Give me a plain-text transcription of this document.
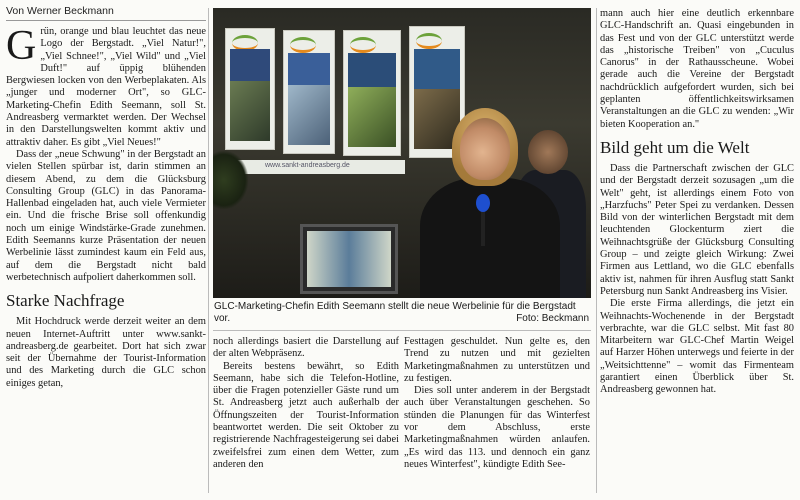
Von Werner Beckmann

Grün, orange und blau leuchtet das neue Logo der Bergstadt. „Viel Natur!", „Viel Schnee!", „Viel Wild" und „Viel Duft!" auf üppig blühenden Bergwiesen locken von den Werbeplakaten. Als „junger und moderner Ort", so GLC-Marketing-Chefin Edith Seemann, soll St. Andreasberg vermarktet werden. Der Wechsel in den Darstellungswelten kommt aktiv und attraktiv daher. Es gibt „Viel Neues!"

Dass der „neue Schwung" in der Bergstadt an vielen Stellen spürbar ist, darin stimmen an diesem Abend, zu dem die Glücksburg Consulting Group (GLC) in das Panorama-Hallenbad eingeladen hat, auch viele Vermieter ein. Und die frische Brise soll offenkundig noch um einige Windstärke-Grade zunehmen. Edith Seemanns kurze Präsentation der neuen Werbelinie lässt zumindest kaum ein Feld aus, auf dem die Bergstadt nicht bald werbetechnisch aufpoliert daherkommen soll.

Starke Nachfrage

Mit Hochdruck werde derzeit weiter an dem neuen Internet-Auftritt unter www.sankt-andreasberg.de gearbeitet. Dort hat sich zwar seit der Übernahme der Tourist-Information und des Marketing durch die GLC schon einiges getan,

www.sankt-andreasberg.de
GLC-Marketing-Chefin Edith Seemann stellt die neue Werbelinie für die Bergstadt vor.	Foto: Beckmann

noch allerdings basiert die Darstellung auf der alten Webpräsenz.

Bereits bestens bewährt, so Edith Seemann, habe sich die Telefon-Hotline, über die Fragen potenzieller Gäste rund um St. Andreasberg jetzt auch außerhalb der Öffnungszeiten der Tourist-Information beantwortet werden. Die seit Oktober zu registrierende Nachfragesteigerung sei dabei zweifelsfrei zum einen dem Wetter, zum anderen den

Festtagen geschuldet. Nun gelte es, den Trend zu nutzen und mit gezielten Marketingmaßnahmen zu unterstützen und zu festigen.

Dies soll unter anderem in der Bergstadt auch über Veranstaltungen geschehen. So stünden die Planungen für das Winterfest vor dem Abschluss, erste Marketingmaßnahmen würden anlaufen. „Es wird das 113. und dennoch ein ganz neues Winterfest", kündigte Edith See-

mann auch hier eine deutlich erkennbare GLC-Handschrift an. Quasi eingebunden in das Fest und von der GLC unterstützt werde das „historische Treiben" von „Cuculus Canorus" in der Rathausscheune. Wobei gerade auch die Vereine der Bergstadt nachdrücklich aufgefordert wurden, sich bei geplanten öffentlichkeitswirksamen Veranstaltungen an die GLC zu wenden: „Wir bieten Kooperation an."

Bild geht um die Welt

Dass die Partnerschaft zwischen der GLC und der Bergstadt derzeit sozusagen „um die Welt" geht, ist allerdings einem Foto von „Harzfuchs" Peter Spei zu verdanken. Dessen Bild von der winterlichen Bergstadt mit dem leuchtenden Glockenturm ziert die Weihnachtsgrüße der Glücksburg Consulting Group – und zeigte gleich Wirkung: Zwei Firmen aus Lettland, wo die GLC ebenfalls aktiv ist, nahmen für ihren Ausflug statt Sankt Petersburg nun Sankt Andreasberg ins Visier.

Die erste Firma allerdings, die jetzt ein Weihnachts-Wochenende in der Bergstadt verbrachte, war die GLC selbst. Mit fast 80 Mitarbeitern war GLC-Chef Martin Weigel auf Harzer Höhen unterwegs und feierte in der „Weitsichttenne" – womit das Firmenteam garantiert einen Überblick über St. Andreasberg gewonnen hat.
